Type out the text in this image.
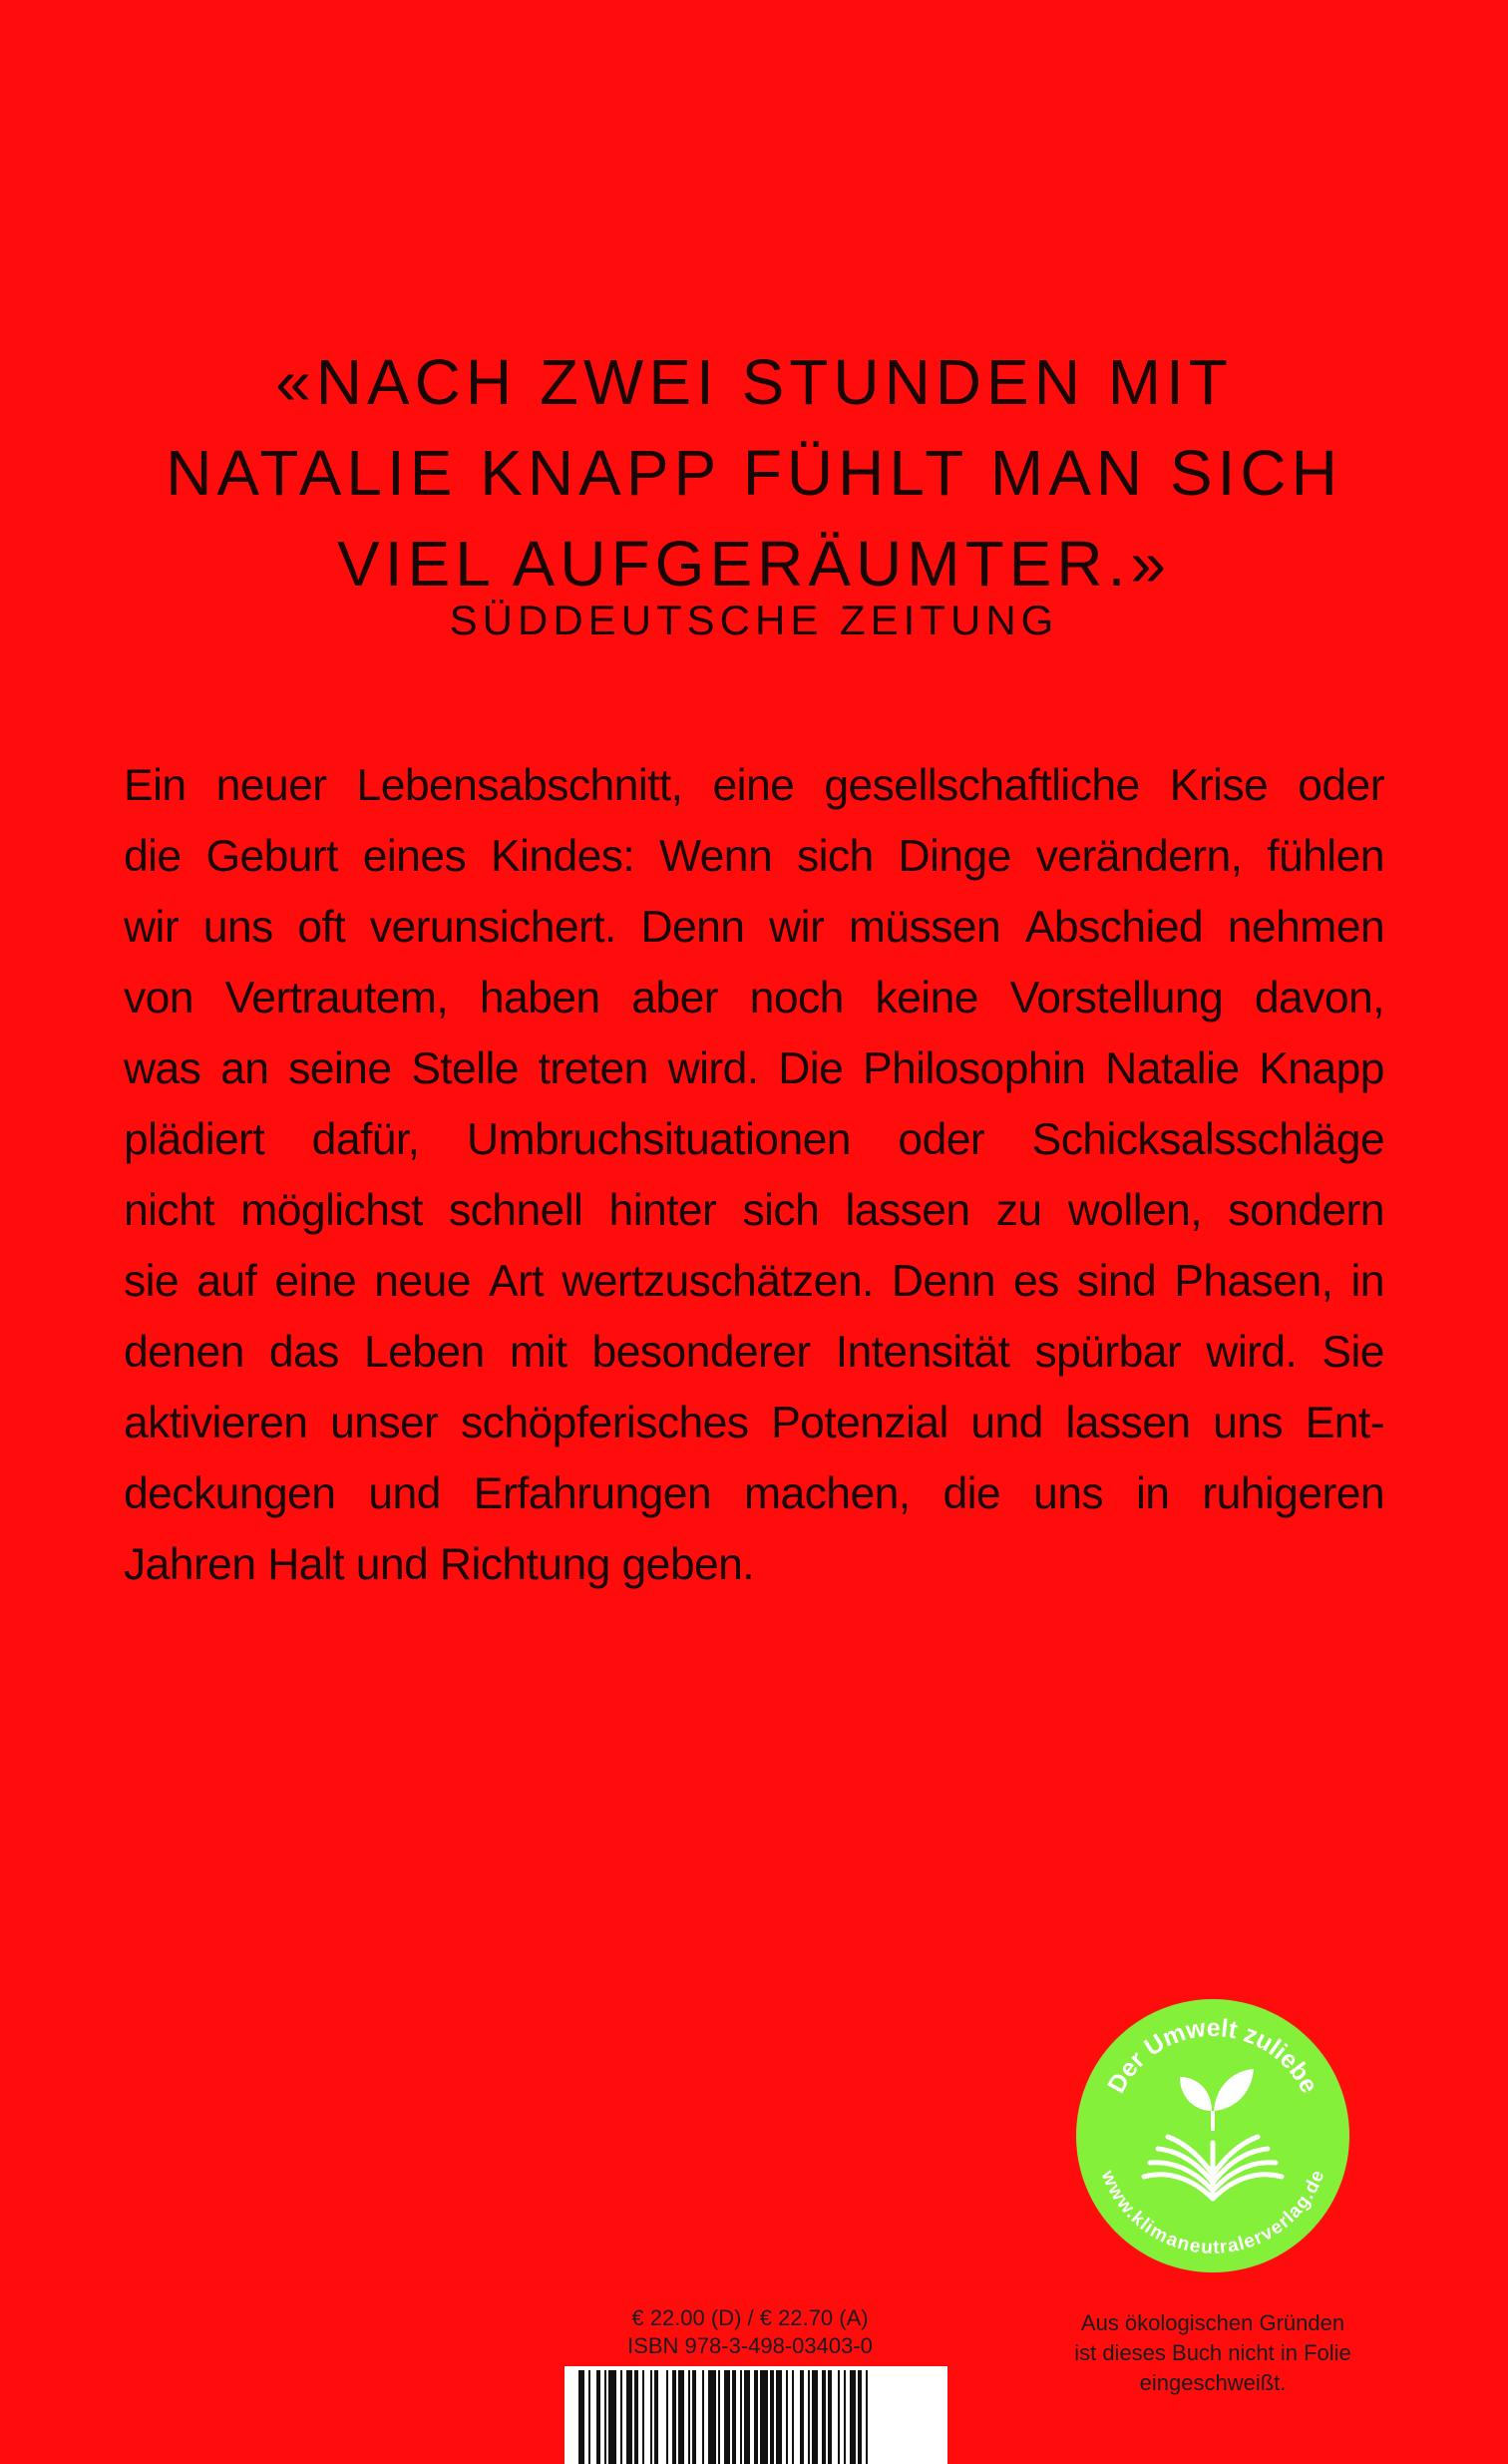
«NACH ZWEI STUNDEN MIT
NATALIE KNAPP FÜHLT MAN SICH
VIEL AUFGERÄUMTER.»
SÜDDEUTSCHE ZEITUNG
Ein neuer Lebensabschnitt, eine gesellschaftliche Krise oder
die Geburt eines Kindes: Wenn sich Dinge verändern, fühlen
wir uns oft verunsichert. Denn wir müssen Abschied nehmen
von Vertrautem, haben aber noch keine Vorstellung davon,
was an seine Stelle treten wird. Die Philosophin Natalie Knapp
plädiert dafür, Umbruchsituationen oder Schicksalsschläge
nicht möglichst schnell hinter sich lassen zu wollen, sondern
sie auf eine neue Art wertzuschätzen. Denn es sind Phasen, in
denen das Leben mit besonderer Intensität spürbar wird. Sie
aktivieren unser schöpferisches Potenzial und lassen uns Ent-
deckungen und Erfahrungen machen, die uns in ruhigeren
Jahren Halt und Richtung geben.
Der Umwelt zuliebe
www.klimaneutralerverlag.de
€ 22.00 (D) / € 22.70 (A)
ISBN 978-3-498-03403-0
Aus ökologischen Gründen
ist dieses Buch nicht in Folie
eingeschweißt.
